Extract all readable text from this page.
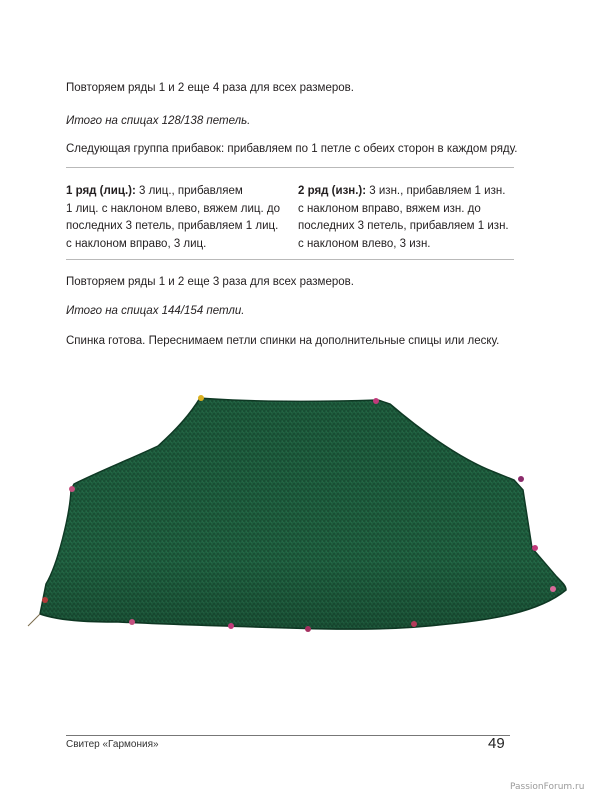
Повторяем ряды 1 и 2 еще 4 раза для всех размеров.

Итого на спицах 128/138 петель.

Следующая группа прибавок: прибавляем по 1 петле с обеих сторон в каждом ряду.

1 ряд (лиц.): 3 лиц., прибавляем
1 лиц. с наклоном влево, вяжем лиц. до
последних 3 петель, прибавляем 1 лиц.
с наклоном вправо, 3 лиц.
2 ряд (изн.): 3 изн., прибавляем 1 изн.
с наклоном вправо, вяжем изн. до
последних 3 петель, прибавляем 1 изн.
с наклоном влево, 3 изн.

Повторяем ряды 1 и 2 еще 3 раза для всех размеров.

Итого на спицах 144/154 петли.

Спинка готова. Переснимаем петли спинки на дополнительные спицы или леску.

Свитер «Гармония»	49
PassionForum.ru
